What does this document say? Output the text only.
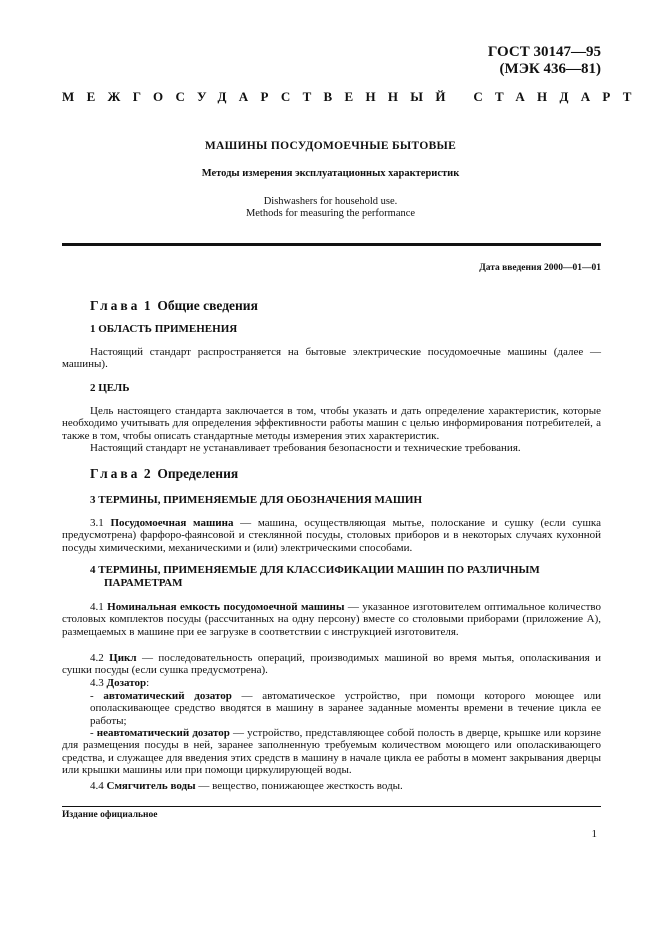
ГОСТ 30147—95
(МЭК 436—81)
МЕЖГОСУДАРСТВЕННЫЙ СТАНДАРТ
МАШИНЫ ПОСУДОМОЕЧНЫЕ БЫТОВЫЕ
Методы измерения эксплуатационных характеристик
Dishwashers for household use.
Methods for measuring the performance
Дата введения 2000—01—01
Глава 1 Общие сведения
1 ОБЛАСТЬ ПРИМЕНЕНИЯ

Настоящий стандарт распространяется на бытовые электрические посудомоечные машины (далее — машины).

2 ЦЕЛЬ

Цель настоящего стандарта заключается в том, чтобы указать и дать определение характеристик, которые необходимо учитывать для определения эффективности работы машин с целью информирования потребителей, а также в том, чтобы описать стандартные методы измерения этих характеристик.

Настоящий стандарт не устанавливает требования безопасности и технические требования.

Глава 2 Определения
3 ТЕРМИНЫ, ПРИМЕНЯЕМЫЕ ДЛЯ ОБОЗНАЧЕНИЯ МАШИН

3.1 Посудомоечная машина — машина, осуществляющая мытье, полоскание и сушку (если сушка предусмотрена) фарфоро-фаянсовой и стеклянной посуды, столовых приборов и в некоторых случаях кухонной посуды химическими, механическими и (или) электрическими способами.

4 ТЕРМИНЫ, ПРИМЕНЯЕМЫЕ ДЛЯ КЛАССИФИКАЦИИ МАШИН ПО РАЗЛИЧНЫМ ПАРАМЕТРАМ

4.1 Номинальная емкость посудомоечной машины — указанное изготовителем оптимальное количество столовых комплектов посуды (рассчитанных на одну персону) вместе со столовыми приборами (приложение А), размещаемых в машине при ее загрузке в соответствии с инструкцией изготовителя.

4.2 Цикл — последовательность операций, производимых машиной во время мытья, ополаскивания и сушки посуды (если сушка предусмотрена).

4.3 Дозатор:

- автоматический дозатор — автоматическое устройство, при помощи которого моющее или ополаскивающее средство вводятся в машину в заранее заданные моменты времени в течение цикла ее работы;

- неавтоматический дозатор — устройство, представляющее собой полость в дверце, крышке или корзине для размещения посуды в ней, заранее заполненную требуемым количеством моющего или ополаскивающего средства, и служащее для введения этих средств в машину в начале цикла ее работы в момент закрывания дверцы или крышки машины или при помощи циркулирующей воды.

4.4 Смягчитель воды — вещество, понижающее жесткость воды.

Издание официальное
1
